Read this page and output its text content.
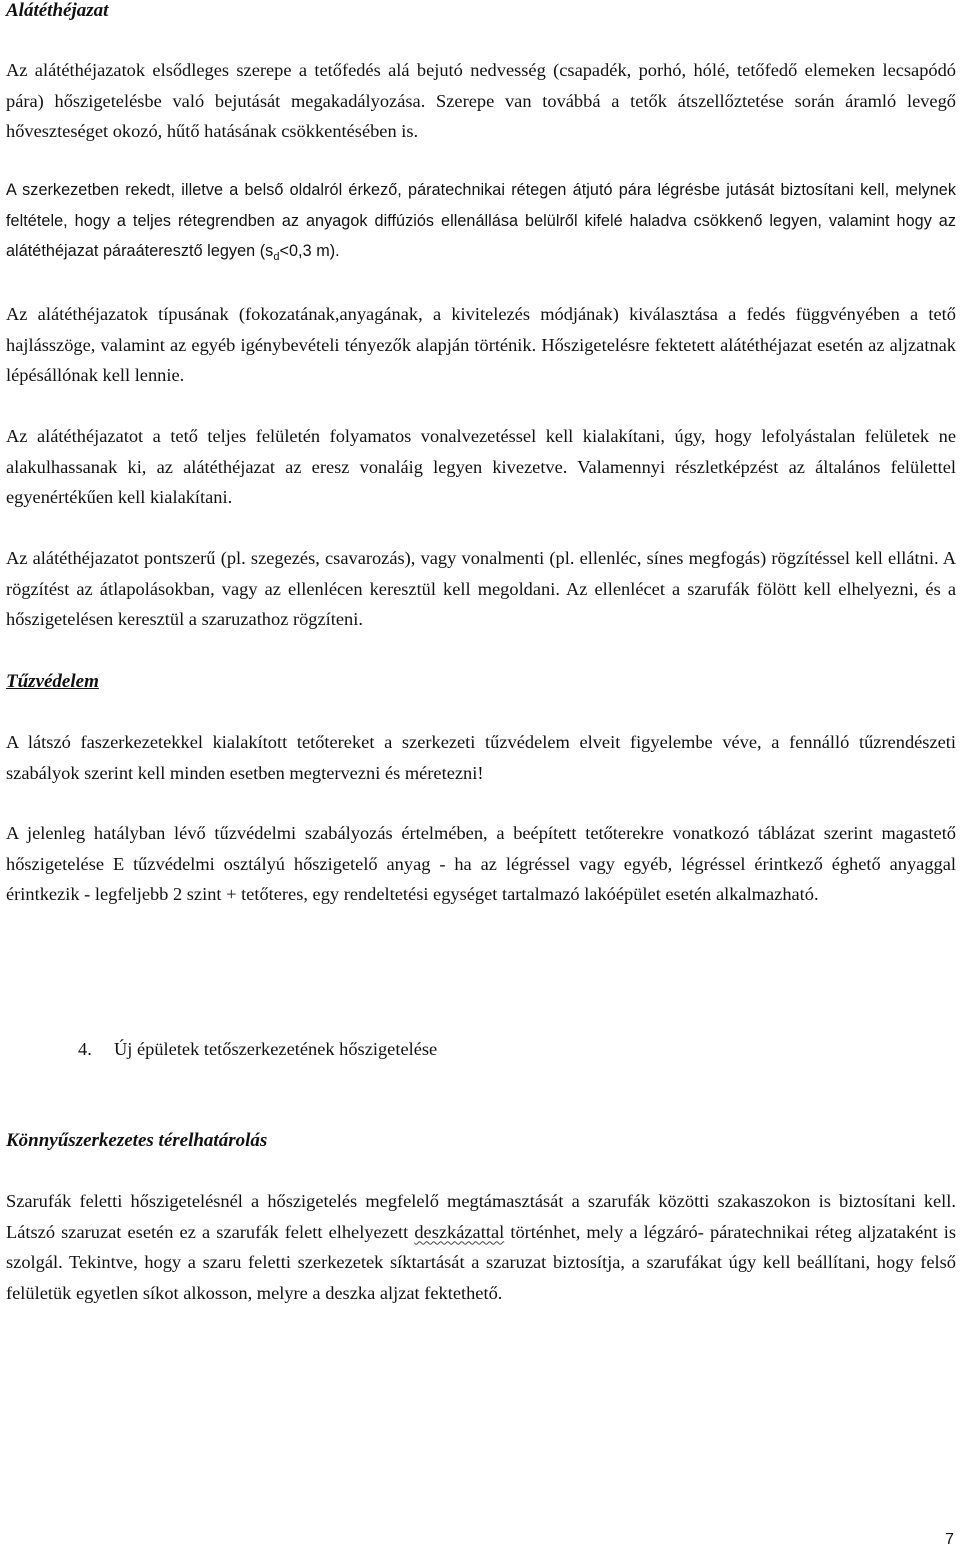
Alátéthéjazat

Az alátéthéjazatok elsődleges szerepe a tetőfedés alá bejutó nedvesség (csapadék, porhó, hólé, tetőfedő elemeken lecsapódó pára) hőszigetelésbe való bejutását megakadályozása. Szerepe van továbbá a tetők átszellőztetése során áramló levegő hőveszteséget okozó, hűtő hatásának csökkentésében is.

A szerkezetben rekedt, illetve a belső oldalról érkező, páratechnikai rétegen átjutó pára légrésbe jutását biztosítani kell, melynek feltétele, hogy a teljes rétegrendben az anyagok diffúziós ellenállása belülről kifelé haladva csökkenő legyen, valamint hogy az alátéthéjazat páraáteresztő legyen ($s_d<0,3$ m).

Az alátéthéjazatok típusának (fokozatának,anyagának, a kivitelezés módjának) kiválasztása a fedés függvényében a tető hajlásszöge, valamint az egyéb igénybevételi tényezők alapján történik. Hőszigetelésre fektetett alátéthéjazat esetén az aljzatnak lépésállónak kell lennie.

Az alátéthéjazatot a tető teljes felületén folyamatos vonalvezetéssel kell kialakítani, úgy, hogy lefolyástalan felületek ne alakulhassanak ki, az alátéthéjazat az eresz vonaláig legyen kivezetve. Valamennyi részletképzést az általános felülettel egyenértékűen kell kialakítani.

Az alátéthéjazatot pontszerű (pl. szegezés, csavarozás), vagy vonalmenti (pl. ellenléc, sínes megfogás) rögzítéssel kell ellátni. A rögzítést az átlapolásokban, vagy az ellenlécen keresztül kell megoldani. Az ellenlécet a szarufák fölött kell elhelyezni, és a hőszigetelésen keresztül a szaruzathoz rögzíteni.

Tűzvédelem

A látszó faszerkezetekkel kialakított tetőtereket a szerkezeti tűzvédelem elveit figyelembe véve, a fennálló tűzrendészeti szabályok szerint kell minden esetben megtervezni és méretezni!

A jelenleg hatályban lévő tűzvédelmi szabályozás értelmében, a beépített tetőterekre vonatkozó táblázat szerint magastető hőszigetelése E tűzvédelmi osztályú hőszigetelő anyag - ha az légréssel vagy egyéb, légréssel érintkező éghető anyaggal érintkezik - legfeljebb 2 szint + tetőteres, egy rendeltetési egységet tartalmazó lakóépület esetén alkalmazható.

4. Új épületek tetőszerkezetének hőszigetelése
Könnyűszerkezetes térelhatárolás

Szarufák feletti hőszigetelésnél a hőszigetelés megfelelő megtámasztását a szarufák közötti szakaszokon is biztosítani kell. Látszó szaruzat esetén ez a szarufák felett elhelyezett deszkázattal történhet, mely a légzáró- páratechnikai réteg aljzataként is szolgál. Tekintve, hogy a szaru feletti szerkezetek síktartását a szaruzat biztosítja, a szarufákat úgy kell beállítani, hogy felső felületük egyetlen síkot alkosson, melyre a deszka aljzat fektethető.

7
